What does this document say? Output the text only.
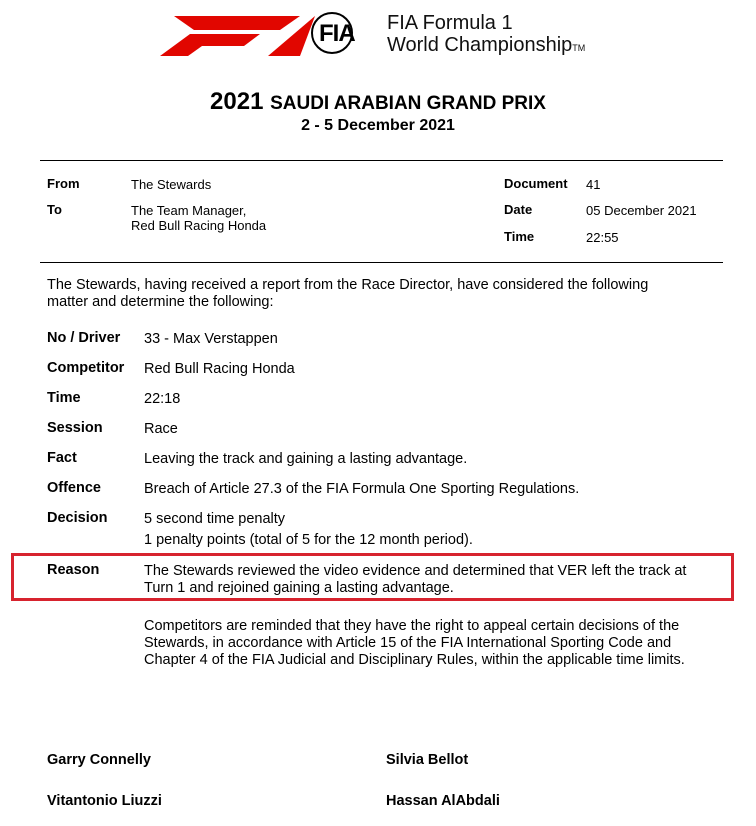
FIA FIA Formula 1
World ChampionshipTM
2021 SAUDI ARABIAN GRAND PRIX
2 - 5 December 2021
From	The Stewards
To	The Team Manager,
Red Bull Racing Honda
Document 41
Date	05 December 2021
Time	22:55
The Stewards, having received a report from the Race Director, have considered the following
matter and determine the following:
No / Driver 33 - Max Verstappen
Competitor Red Bull Racing Honda
Time	22:18
Session	Race
Fact	Leaving the track and gaining a lasting advantage.
Offence	Breach of Article 27.3 of the FIA Formula One Sporting Regulations.
Decision	5 second time penalty
1 penalty points (total of 5 for the 12 month period).
Reason	The Stewards reviewed the video evidence and determined that VER left the track at
Turn 1 and rejoined gaining a lasting advantage.
Competitors are reminded that they have the right to appeal certain decisions of the
Stewards, in accordance with Article 15 of the FIA International Sporting Code and
Chapter 4 of the FIA Judicial and Disciplinary Rules, within the applicable time limits.
Garry Connelly	Silvia Bellot
Vitantonio Liuzzi	Hassan AlAbdali
